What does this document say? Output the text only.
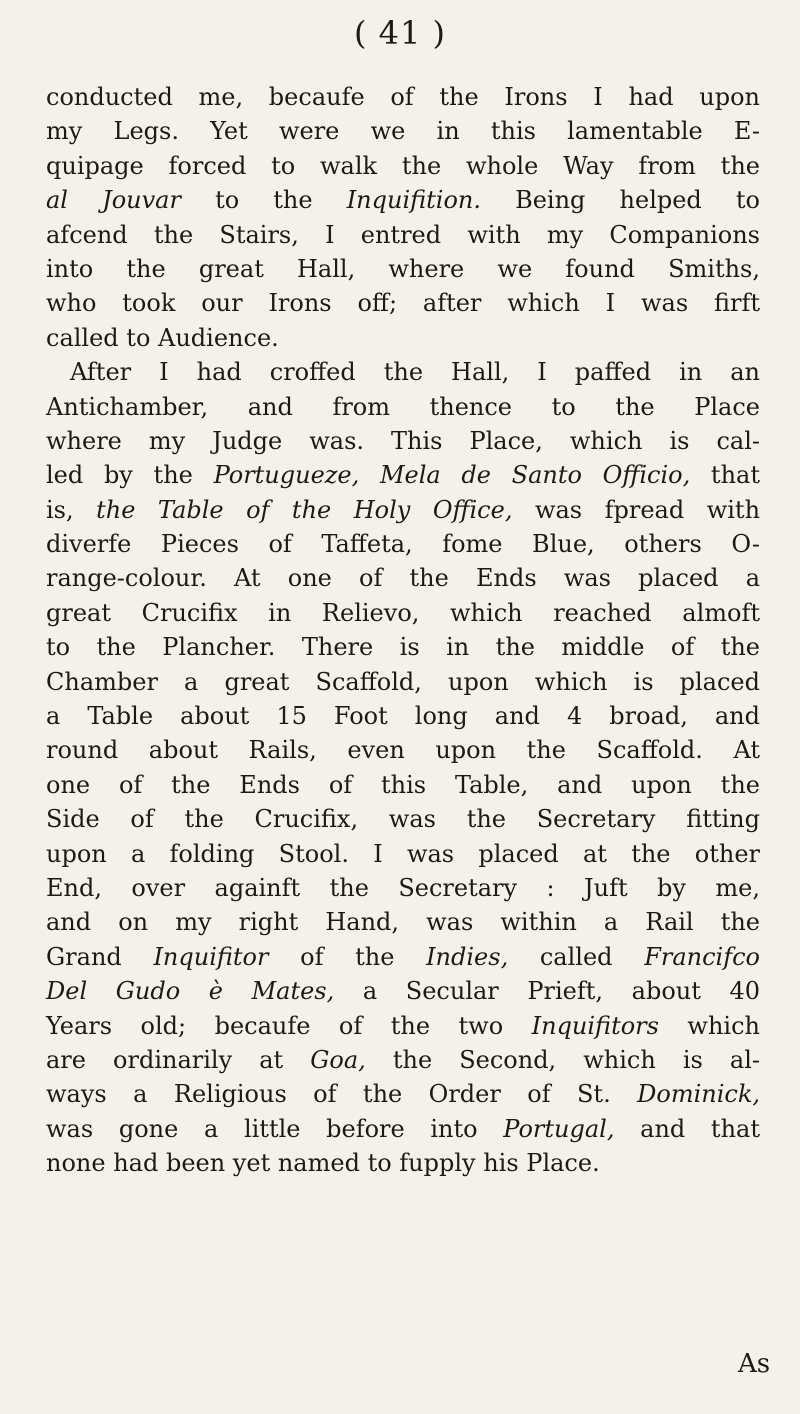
( 41 )
conducted me, becaufe of the Irons I had upon
my Legs. Yet were we in this lamentable E-
quipage forced to walk the whole Way from the
al Jouvar to the Inquifition. Being helped to
afcend the Stairs, I entred with my Companions
into the great Hall, where we found Smiths,
who took our Irons off; after which I was firft
called to Audience.
After I had croffed the Hall, I paffed in an
Antichamber, and from thence to the Place
where my Judge was. This Place, which is cal-
led by the Portugueze, Mela de Santo Officio, that
is, the Table of the Holy Office, was fpread with
diverfe Pieces of Taffeta, fome Blue, others O-
range-colour. At one of the Ends was placed a
great Crucifix in Relievo, which reached almoft
to the Plancher. There is in the middle of the
Chamber a great Scaffold, upon which is placed
a Table about 15 Foot long and 4 broad, and
round about Rails, even upon the Scaffold. At
one of the Ends of this Table, and upon the
Side of the Crucifix, was the Secretary fitting
upon a folding Stool. I was placed at the other
End, over againft the Secretary : Juft by me,
and on my right Hand, was within a Rail the
Grand Inquifitor of the Indies, called Francifco
Del Gudo è Mates, a Secular Prieft, about 40
Years old; becaufe of the two Inquifitors which
are ordinarily at Goa, the Second, which is al-
ways a Religious of the Order of St. Dominick,
was gone a little before into Portugal, and that
none had been yet named to fupply his Place.
As
